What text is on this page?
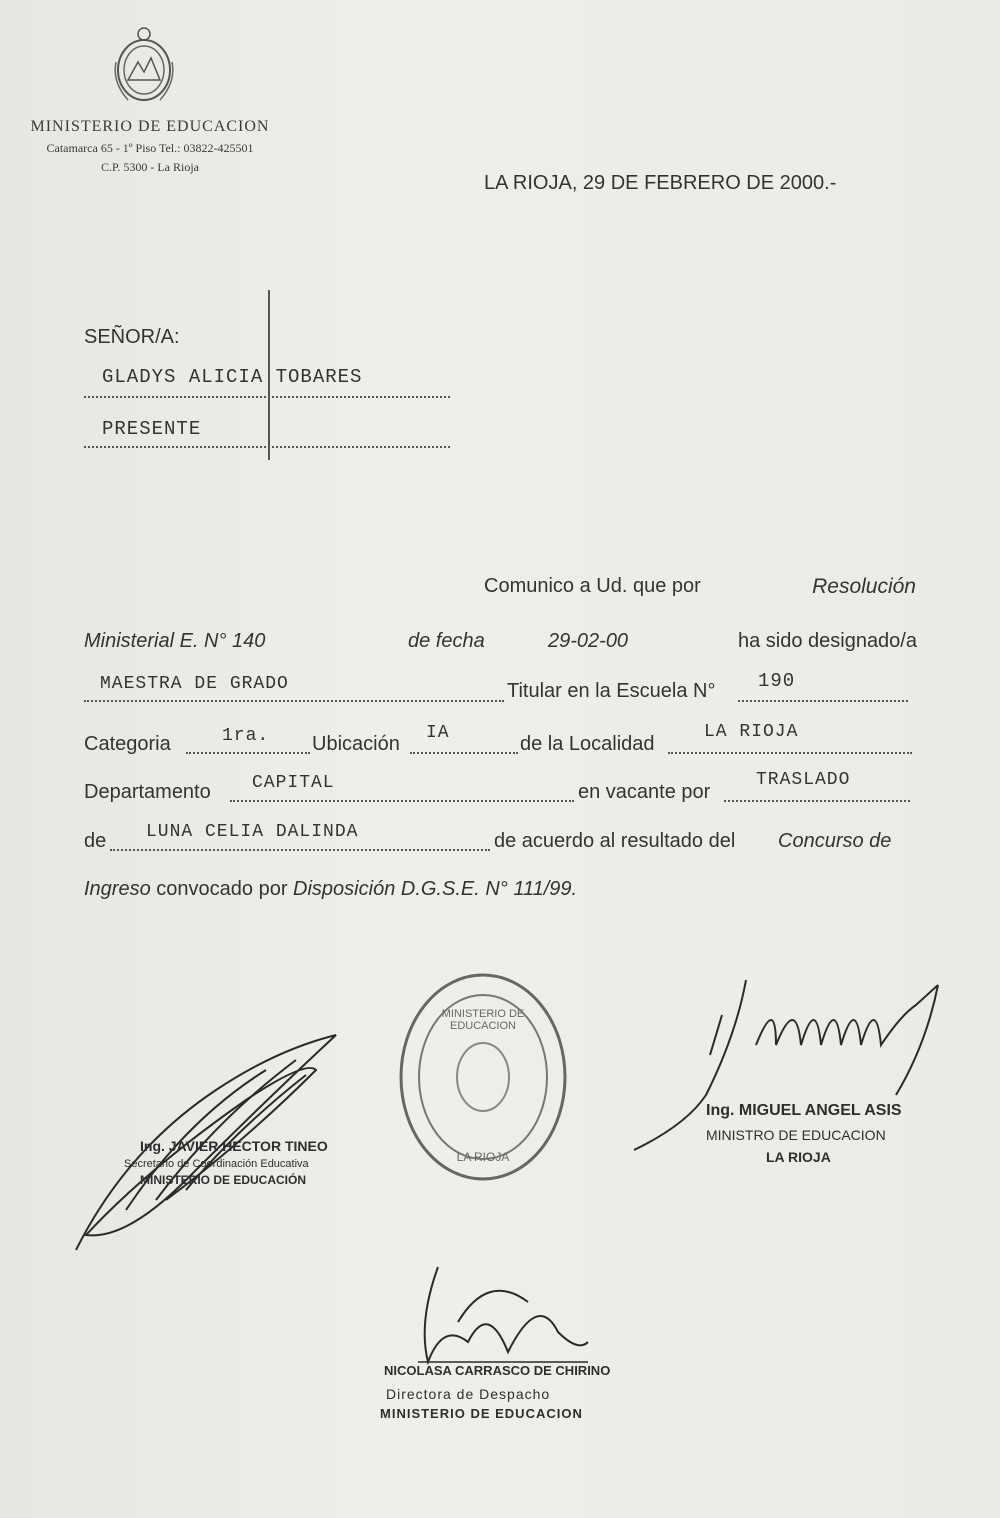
MINISTERIO DE EDUCACION
Catamarca 65 - 1º Piso Tel.: 03822-425501
C.P. 5300 - La Rioja
LA RIOJA, 29 DE FEBRERO DE 2000.-
SEÑOR/A:
GLADYS ALICIA TOBARES
PRESENTE
Comunico a Ud. que por	Resolución
Ministerial E. N° 140	de fecha	29-02-00	ha sido designado/a
MAESTRA DE GRADO	Titular en la Escuela N° 190
Categoria	1ra. Ubicación IA	de la Localidad
LA RIOJA
Departamento CAPITAL	en vacante por
TRASLADO
de LUNA CELIA DALINDA	de acuerdo al resultado del Concurso de
Ingreso convocado por Disposición D.G.S.E. N° 111/99.
Ing. JAVIER HECTOR TINEO
Secretario de Coordinación Educativa
MINISTERIO DE EDUCACIÓN
MINISTERIO DE EDUCACION
LA RIOJA
Ing. MIGUEL ANGEL ASIS
MINISTRO DE EDUCACION
LA RIOJA
NICOLASA CARRASCO DE CHIRINO
Directora de Despacho
MINISTERIO DE EDUCACION
